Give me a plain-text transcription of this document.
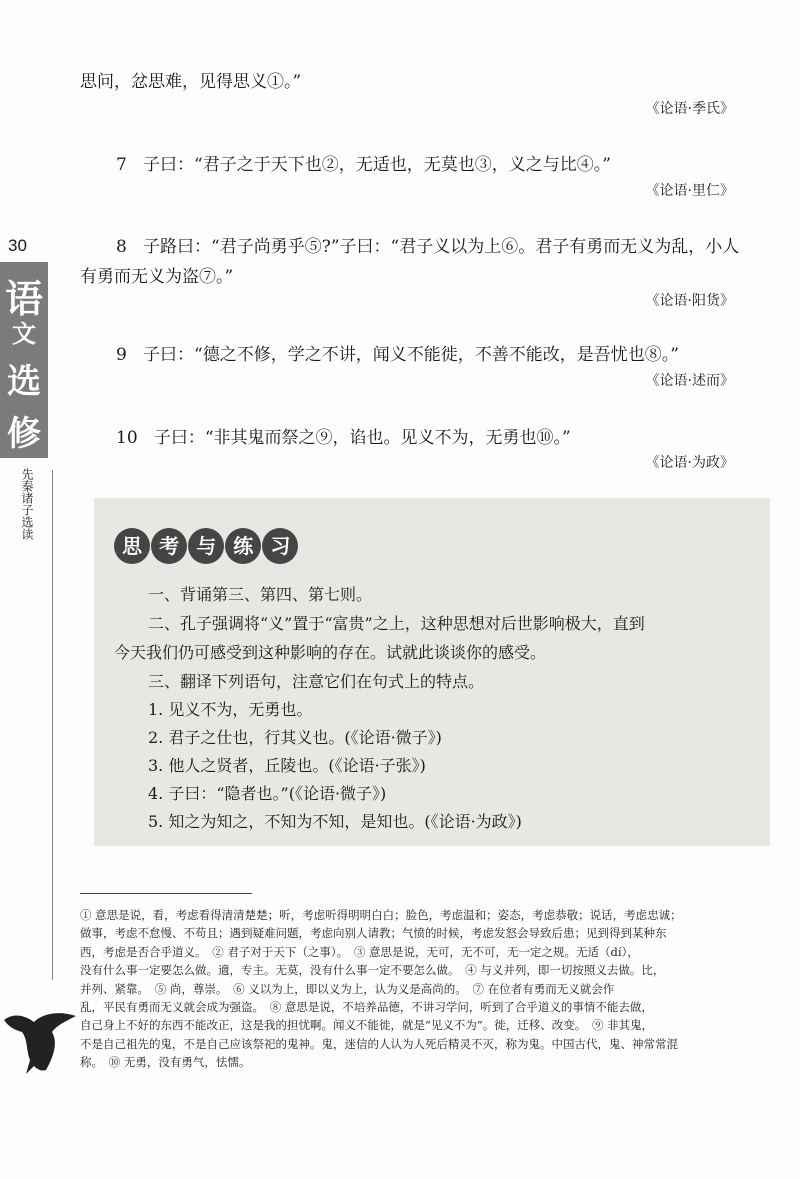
30
语
文
选
修
先秦诸子选读
思问，忿思难，见得思义①。”
《论语·季氏》
7 子曰：“君子之于天下也②，无适也，无莫也③，义之与比④。”
《论语·里仁》
8 子路曰：“君子尚勇乎⑤?”子曰：“君子义以为上⑥。君子有勇而无义为乱，小人
有勇而无义为盗⑦。”
《论语·阳货》
9 子曰：“德之不修，学之不讲，闻义不能徙，不善不能改，是吾忧也⑧。”
《论语·述而》
10 子曰：“非其鬼而祭之⑨，谄也。见义不为，无勇也⑩。”
《论语·为政》
思 考 与 练 习
一、背诵第三、第四、第七则。
二、孔子强调将“义”置于“富贵”之上，这种思想对后世影响极大，直到
今天我们仍可感受到这种影响的存在。试就此谈谈你的感受。
三、翻译下列语句，注意它们在句式上的特点。
1. 见义不为，无勇也。
2. 君子之仕也，行其义也。(《论语·微子》)
3. 他人之贤者，丘陵也。(《论语·子张》)
4. 子曰：“隐者也。”(《论语·微子》)
5. 知之为知之，不知为不知，是知也。(《论语·为政》)
① 意思是说，看，考虑看得清清楚楚；听，考虑听得明明白白；脸色，考虑温和；姿态，考虑恭敬；说话，考虑忠诚；
做事，考虑不怠慢、不苟且；遇到疑难问题，考虑向别人请教；气愤的时候，考虑发怒会导致后患；见到得到某种东
西，考虑是否合乎道义。　② 君子对于天下（之事）。　③ 意思是说，无可，无不可，无一定之规。无适（dí），
没有什么事一定要怎么做。適，专主。无莫，没有什么事一定不要怎么做。　④ 与义并列，即一切按照义去做。比，
并列、紧靠。　⑤ 尚，尊崇。　⑥ 义以为上，即以义为上，认为义是高尚的。　⑦ 在位者有勇而无义就会作
乱，平民有勇而无义就会成为强盗。　⑧ 意思是说，不培养品德，不讲习学问，听到了合乎道义的事情不能去做，
自己身上不好的东西不能改正，这是我的担忧啊。闻义不能徙，就是“见义不为”。徙，迁移、改变。　⑨ 非其鬼，
不是自己祖先的鬼，不是自己应该祭祀的鬼神。鬼，迷信的人认为人死后精灵不灭，称为鬼。中国古代，鬼、神常常混
称。　⑩ 无勇，没有勇气，怯懦。
